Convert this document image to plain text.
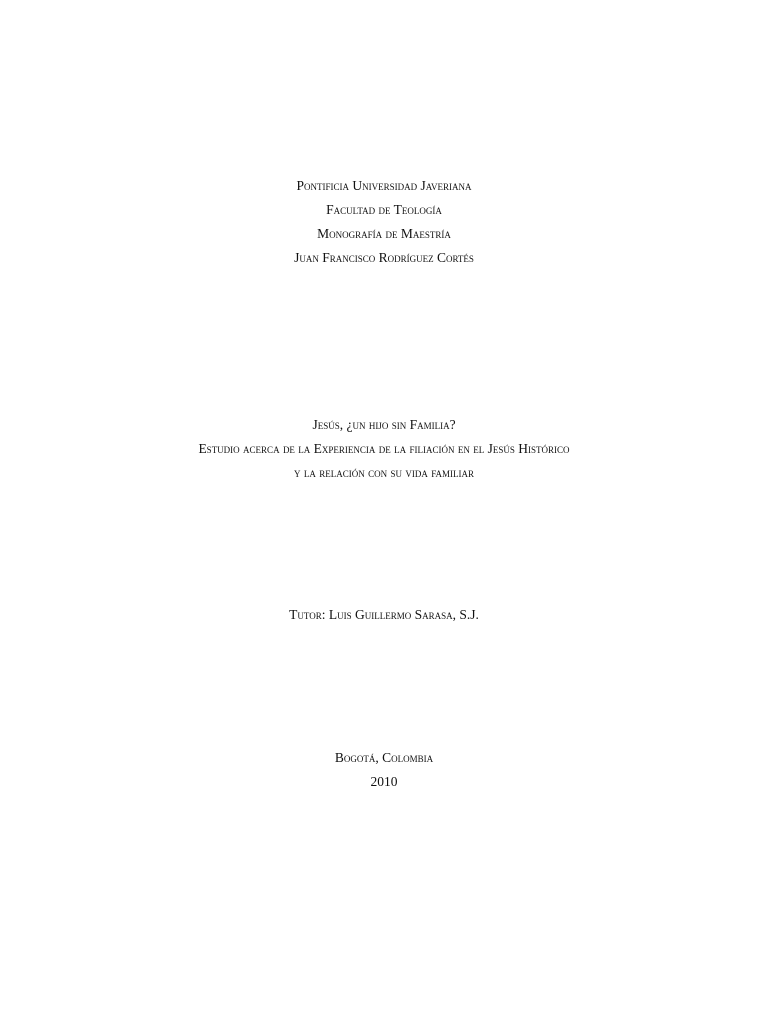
Pontificia Universidad Javeriana
Facultad de Teología
Monografía de Maestría
Juan Francisco Rodríguez Cortés
Jesús, ¿un hijo sin Familia?
Estudio acerca de la Experiencia de la filiación en el Jesús Histórico
y la relación con su vida familiar
Tutor: Luis Guillermo Sarasa, S.J.
Bogotá, Colombia
2010
